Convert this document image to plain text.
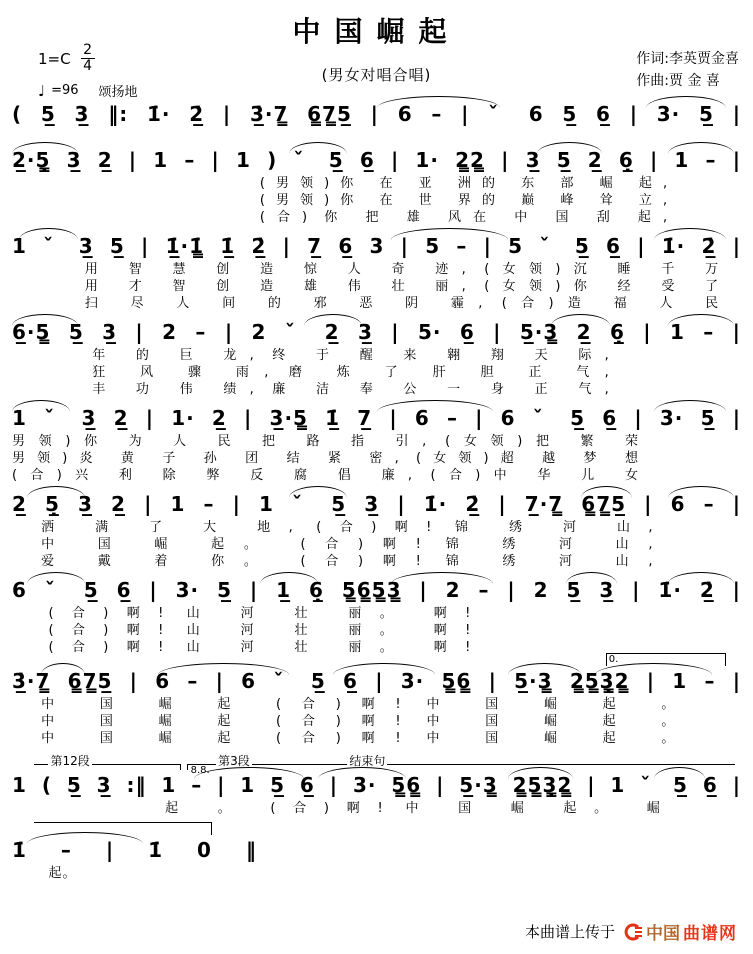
中国崛起
(男女对唱合唱)
作词:李英贾金喜
作曲:贾 金 喜
$1=C \frac{2}{4}$
♩ =96 颂扬地
( 5̲ 3̲ ‖: 1̇· 2̲̇ | 3̲̇·7̳ 6̳7̳5̲ | 6 – | ˇ 6 5̲ 6̲ | 3· 5̲ |
2̲·5̳̣ 3̲ 2̲ | 1 – | 1 ) ˇ 5̲ 6̲ | 1· 2̳2̳ | 3̲ 5̲ 2̲ 6̲̣ | 1 – |
(男领)你 在 亚 洲的 东 部 崛 起,
(男领)你 在 世 界的 巅 峰 耸 立,
(合) 你 把 雄 风在 中 国 刮 起,
1 ˇ 3̲ 5̲ | 1̲̇·1̳̇ 1̲̇ 2̲̇ | 7̲ 6̲ 3 | 5 – | 5 ˇ 5̲ 6̲ | 1̇· 2̲̇ |
用 智 慧 创 造 惊 人 奇 迹, (女领)沉 睡 千 万
用 才 智 创 造 雄 伟 壮 丽, (女领)你 经 受 了
扫 尽 人 间 的 邪 恶 阴 霾, (合)造 福 人 民
6̲·5̳ 5̲ 3̲ | 2 – | 2 ˇ 2̲ 3̲ | 5· 6̲ | 5̲·3̳ 2̲ 6̲̣ | 1 – |
年 的 巨 龙, 终 于 醒 来 翱 翔 天 际,
狂 风 骤 雨, 磨 炼 了 肝 胆 正 气,
丰 功 伟 绩, 廉 洁 奉 公 一 身 正 气,
1 ˇ 3̲ 2̲ | 1· 2̲ | 3̲·5̳ 1̲̇ 7̲ | 6 – | 6 ˇ 5̲ 6̲ | 3· 5̲ |
男领)你 为 人 民 把 路 指 引, (女领)把 繁 荣
男领)炎 黄 子 孙 团 结 紧 密, (女领)超 越 梦 想
(合)兴 利 除 弊 反 腐 倡 廉, (合)中 华 儿 女
2̲ 5̲̣ 3̲ 2̲ | 1 – | 1 ˇ 5̲ 3̲ | 1̇· 2̲̇ | 7̲·7̳ 6̳7̳5̲ | 6 – |
洒 满 了 大 地, (合)啊! 锦 绣 河 山,
中 国 崛 起。 (合)啊! 锦 绣 河 山,
爱 戴 着 你。 (合)啊! 锦 绣 河 山,
6 ˇ 5̲ 6̲ | 3· 5̲ | 1̲ 6̲̣ 5̳6̳5̳3̳ | 2 – | 2 5̲ 3̲ | 1̇· 2̲̇ |
(合)啊! 山 河 壮 丽。 啊!
(合)啊! 山 河 壮 丽。 啊!
(合)啊! 山 河 壮 丽。 啊!
0.
3̲̇·7̳ 6̳7̳5̲ | 6 – | 6 ˇ 5̲ 6̲ | 3· 5̳6̳ | 5̲·3̳ 2̳5̳3̳̣2̳ | 1 – |
中 国 崛 起 (合)啊! 中 国 崛 起 。
中 国 崛 起 (合)啊! 中 国 崛 起 。
中 国 崛 起 (合)啊! 中 国 崛 起 。
第12段
8.8.
第3段	结束句
1 ( 5̲ 3̲ :‖ 1 – | 1 5̲ 6̲ | 3· 5̳6̳ | 5̲·3̳ 2̳5̳3̳̣2̳ | 1 ˇ 5̲ 6̲ |
起 。 (合)啊! 中 国 崛 起。 崛
1̇ – | 1̇ 0 ‖
起。
本曲谱上传于 中国 曲谱网
